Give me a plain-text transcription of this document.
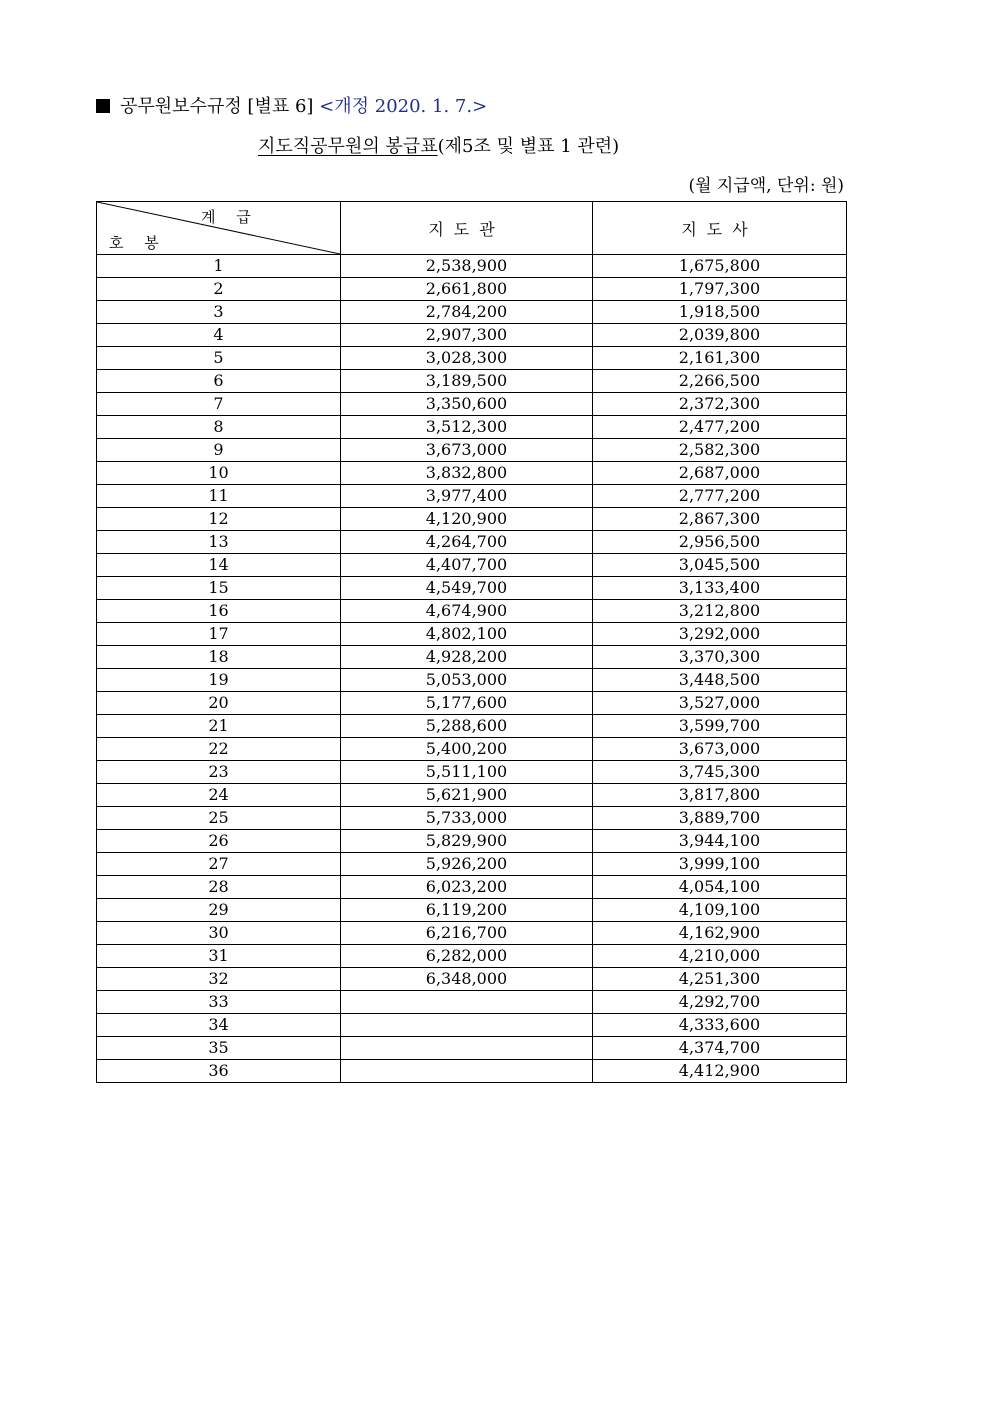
공무원보수규정 [별표 6] <개정 2020. 1. 7.>
지도직공무원의 봉급표(제5조 및 별표 1 관련)
(월 지급액, 단위: 원)
계 급
호 봉	지도관	지도사
1	2,538,900	1,675,800
2	2,661,800	1,797,300
3	2,784,200	1,918,500
4	2,907,300	2,039,800
5	3,028,300	2,161,300
6	3,189,500	2,266,500
7	3,350,600	2,372,300
8	3,512,300	2,477,200
9	3,673,000	2,582,300
10	3,832,800	2,687,000
11	3,977,400	2,777,200
12	4,120,900	2,867,300
13	4,264,700	2,956,500
14	4,407,700	3,045,500
15	4,549,700	3,133,400
16	4,674,900	3,212,800
17	4,802,100	3,292,000
18	4,928,200	3,370,300
19	5,053,000	3,448,500
20	5,177,600	3,527,000
21	5,288,600	3,599,700
22	5,400,200	3,673,000
23	5,511,100	3,745,300
24	5,621,900	3,817,800
25	5,733,000	3,889,700
26	5,829,900	3,944,100
27	5,926,200	3,999,100
28	6,023,200	4,054,100
29	6,119,200	4,109,100
30	6,216,700	4,162,900
31	6,282,000	4,210,000
32	6,348,000	4,251,300
33		4,292,700
34		4,333,600
35		4,374,700
36		4,412,900
